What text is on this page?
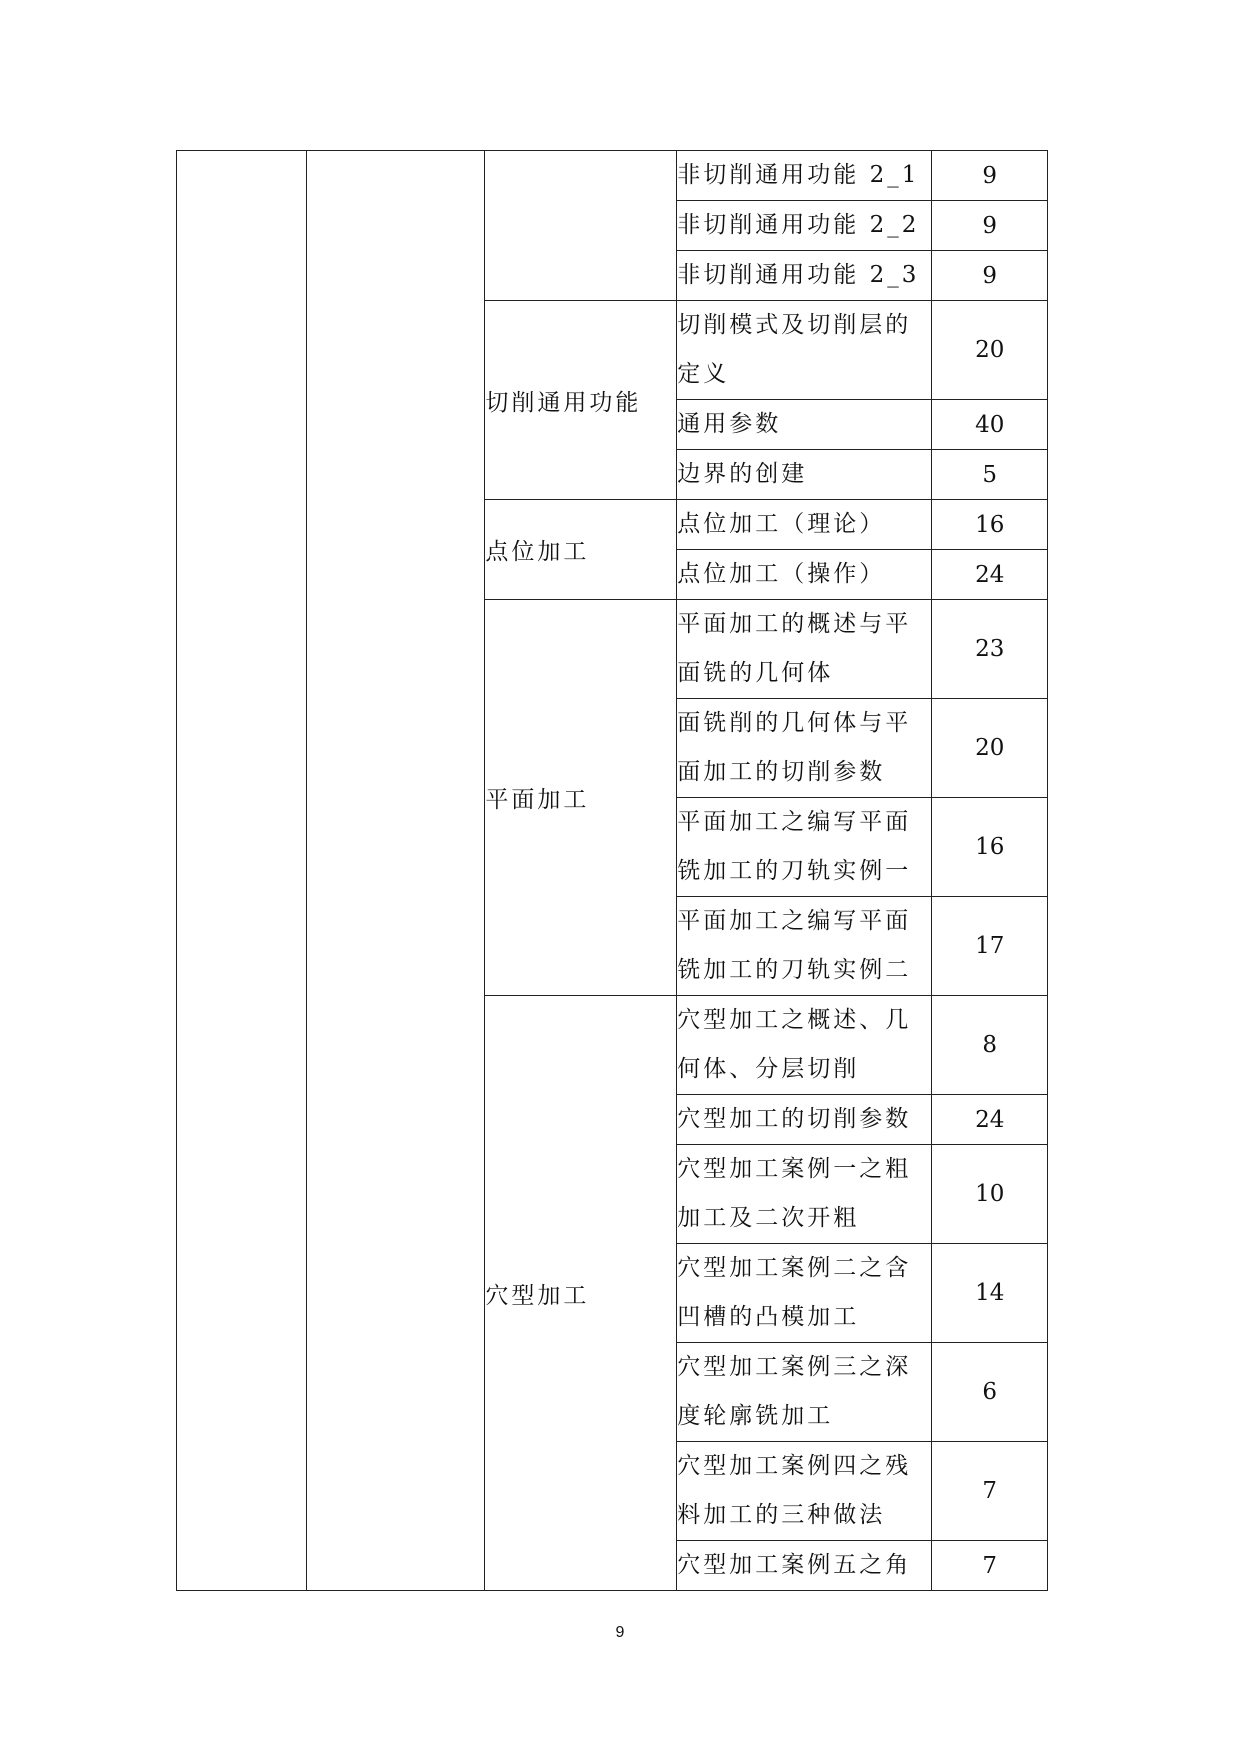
			非切削通用功能 2_1	9
			非切削通用功能 2_2	9
			非切削通用功能 2_3	9
		切削通用功能	切削模式及切削层的定义	20
			通用参数	40
			边界的创建	5
		点位加工	点位加工（理论）	16
			点位加工（操作）	24
		平面加工	平面加工的概述与平面铣的几何体	23
			面铣削的几何体与平面加工的切削参数	20
			平面加工之编写平面铣加工的刀轨实例一	16
			平面加工之编写平面铣加工的刀轨实例二	17
		穴型加工	穴型加工之概述、几何体、分层切削	8
			穴型加工的切削参数	24
			穴型加工案例一之粗加工及二次开粗	10
			穴型加工案例二之含凹槽的凸模加工	14
			穴型加工案例三之深度轮廓铣加工	6
			穴型加工案例四之残料加工的三种做法	7
			穴型加工案例五之角	7
9
